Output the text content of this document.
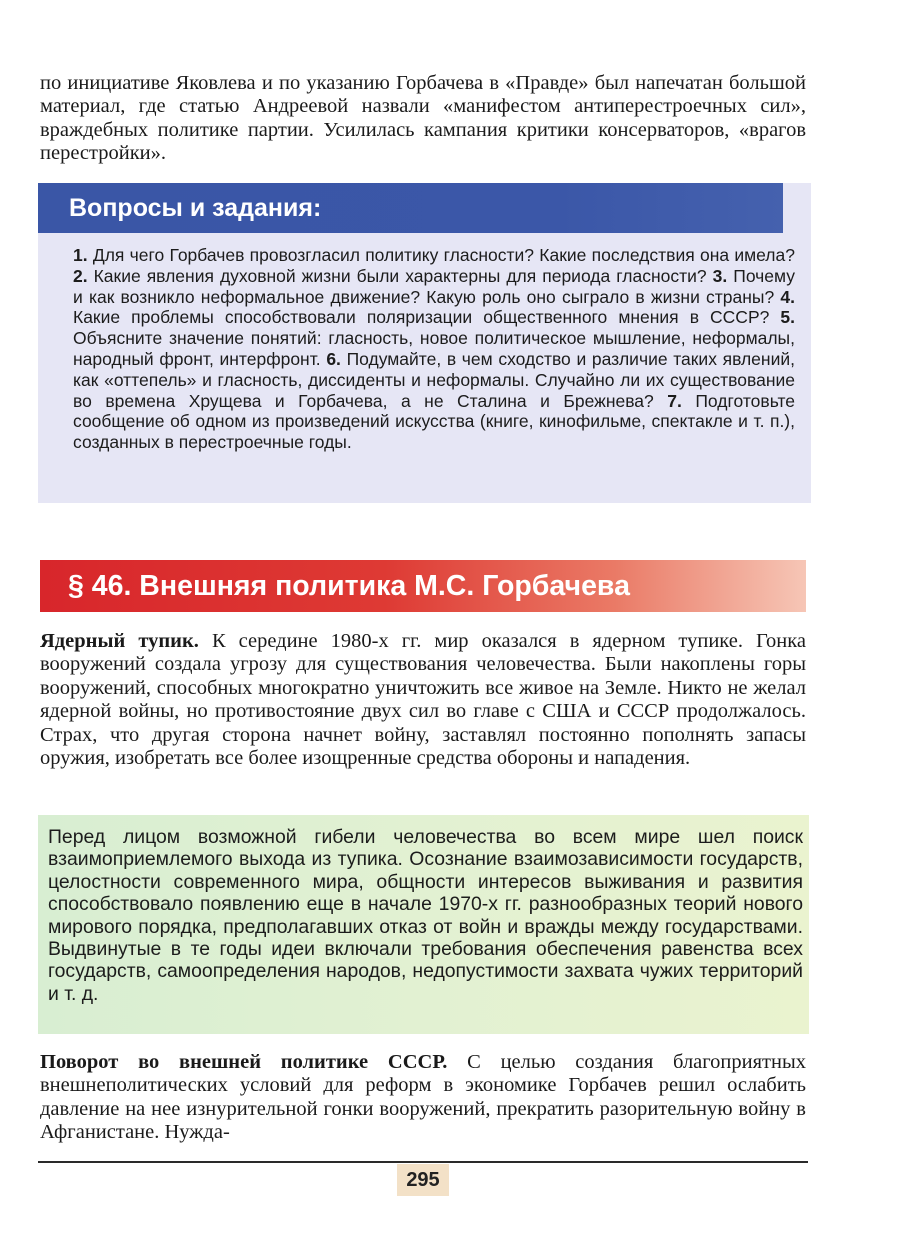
по инициативе Яковлева и по указанию Горбачева в «Правде» был напечатан большой материал, где статью Андреевой назвали «манифестом антиперестроечных сил», враждебных политике партии. Усилилась кампания критики консерваторов, «врагов перестройки».

Вопросы и задания:

1. Для чего Горбачев провозгласил политику гласности? Какие последствия она имела? 2. Какие явления духовной жизни были характерны для периода гласности? 3. Почему и как возникло неформальное движение? Какую роль оно сыграло в жизни страны? 4. Какие проблемы способствовали поляризации общественного мнения в СССР? 5. Объясните значение понятий: гласность, новое политическое мышление, неформалы, народный фронт, интерфронт. 6. Подумайте, в чем сходство и различие таких явлений, как «оттепель» и гласность, диссиденты и неформалы. Случайно ли их существование во времена Хрущева и Горбачева, а не Сталина и Брежнева? 7. Подготовьте сообщение об одном из произведений искусства (книге, кинофильме, спектакле и т. п.), созданных в перестроечные годы.

§ 46. Внешняя политика М.С. Горбачева

Ядерный тупик. К середине 1980-х гг. мир оказался в ядерном тупике. Гонка вооружений создала угрозу для существования человечества. Были накоплены горы вооружений, способных многократно уничтожить все живое на Земле. Никто не желал ядерной войны, но противостояние двух сил во главе с США и СССР продолжалось. Страх, что другая сторона начнет войну, заставлял постоянно пополнять запасы оружия, изобретать все более изощренные средства обороны и нападения.

Перед лицом возможной гибели человечества во всем мире шел поиск взаимоприемлемого выхода из тупика. Осознание взаимозависимости государств, целостности современного мира, общности интересов выживания и развития способствовало появлению еще в начале 1970-х гг. разнообразных теорий нового мирового порядка, предполагавших отказ от войн и вражды между государствами. Выдвинутые в те годы идеи включали требования обеспечения равенства всех государств, самоопределения народов, недопустимости захвата чужих территорий и т. д.

Поворот во внешней политике СССР. С целью создания благоприятных внешнеполитических условий для реформ в экономике Горбачев решил ослабить давление на нее изнурительной гонки вооружений, прекратить разорительную войну в Афганистане. Нужда-

295
